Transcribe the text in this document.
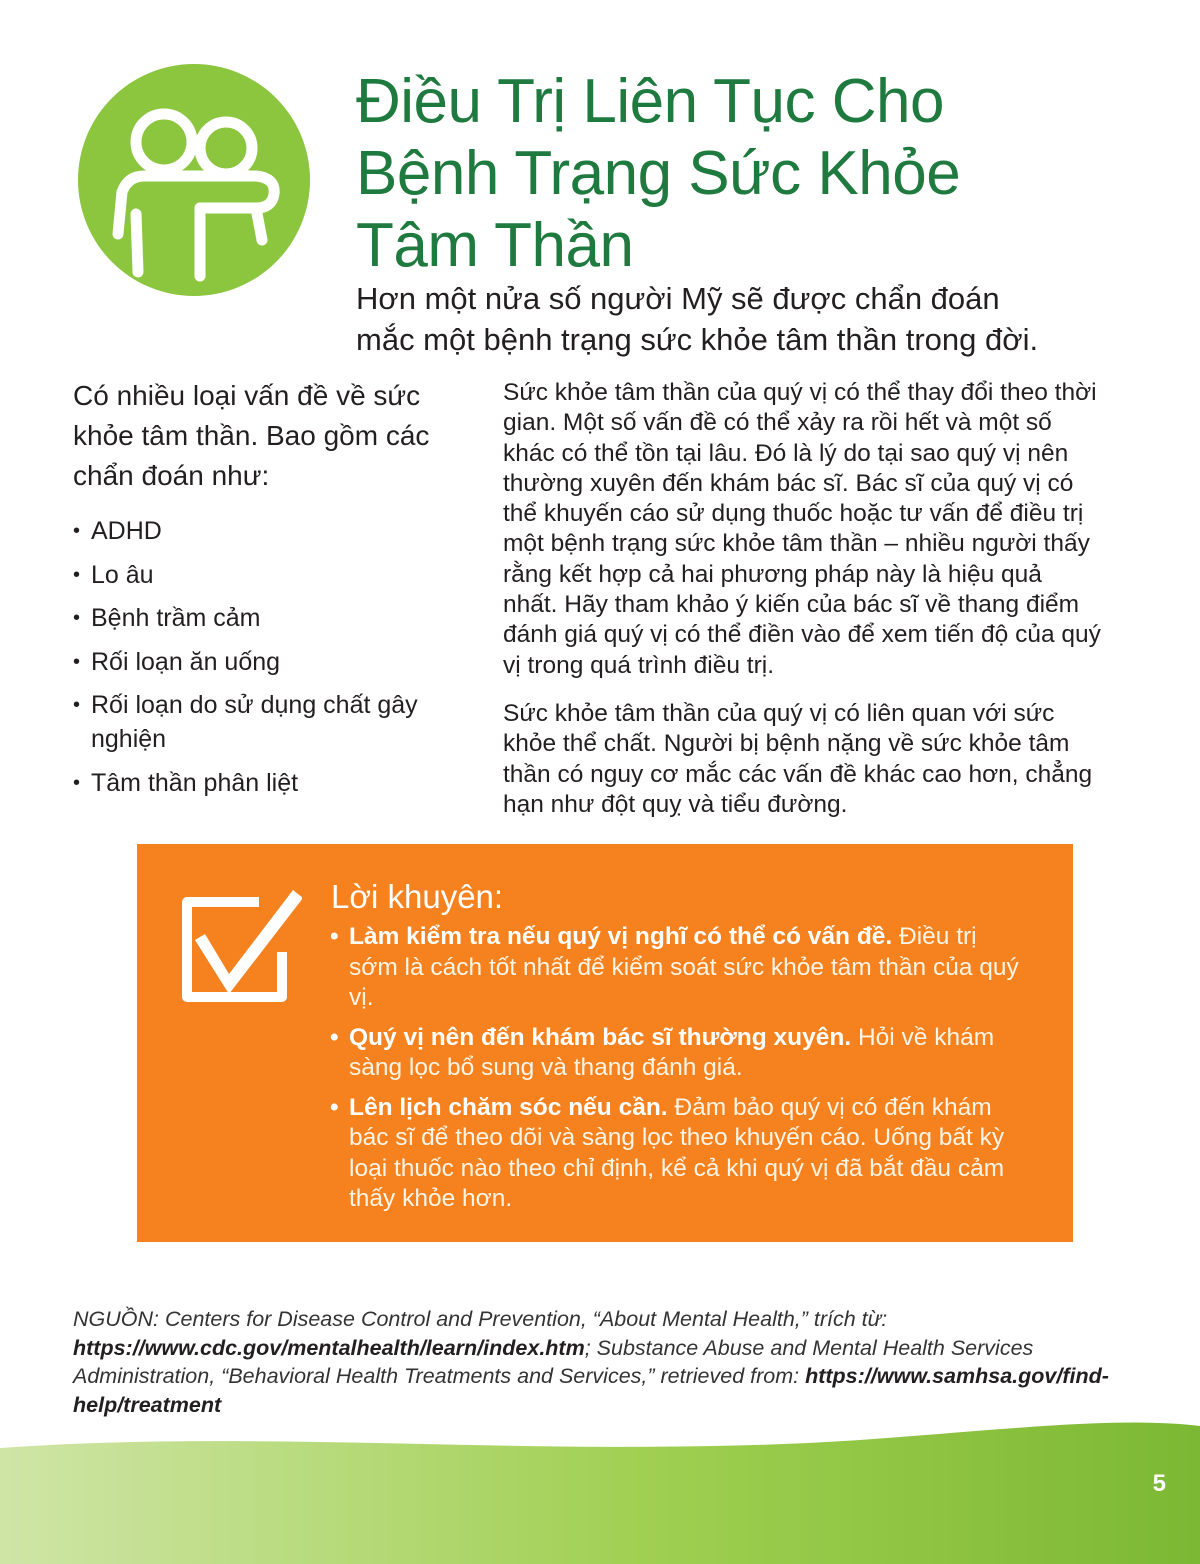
Điều Trị Liên Tục Cho
Bệnh Trạng Sức Khỏe
Tâm Thần

Hơn một nửa số người Mỹ sẽ được chẩn đoán
mắc một bệnh trạng sức khỏe tâm thần trong đời.

Có nhiều loại vấn đề về sức khỏe tâm thần. Bao gồm các chẩn đoán như:

• ADHD
• Lo âu
• Bệnh trầm cảm
• Rối loạn ăn uống
• Rối loạn do sử dụng chất gây nghiện
• Tâm thần phân liệt

Sức khỏe tâm thần của quý vị có thể thay đổi theo thời gian. Một số vấn đề có thể xảy ra rồi hết và một số khác có thể tồn tại lâu. Đó là lý do tại sao quý vị nên thường xuyên đến khám bác sĩ. Bác sĩ của quý vị có thể khuyến cáo sử dụng thuốc hoặc tư vấn để điều trị một bệnh trạng sức khỏe tâm thần – nhiều người thấy rằng kết hợp cả hai phương pháp này là hiệu quả nhất. Hãy tham khảo ý kiến của bác sĩ về thang điểm đánh giá quý vị có thể điền vào để xem tiến độ của quý vị trong quá trình điều trị.

Sức khỏe tâm thần của quý vị có liên quan với sức khỏe thể chất. Người bị bệnh nặng về sức khỏe tâm thần có nguy cơ mắc các vấn đề khác cao hơn, chẳng hạn như đột quỵ và tiểu đường.

Lời khuyên:
• Làm kiểm tra nếu quý vị nghĩ có thể có vấn đề. Điều trị sớm là cách tốt nhất để kiểm soát sức khỏe tâm thần của quý vị.
• Quý vị nên đến khám bác sĩ thường xuyên. Hỏi về khám sàng lọc bổ sung và thang đánh giá.
• Lên lịch chăm sóc nếu cần. Đảm bảo quý vị có đến khám bác sĩ để theo dõi và sàng lọc theo khuyến cáo. Uống bất kỳ loại thuốc nào theo chỉ định, kể cả khi quý vị đã bắt đầu cảm thấy khỏe hơn.

NGUỒN: Centers for Disease Control and Prevention, “About Mental Health,” trích từ: https://www.cdc.gov/mentalhealth/learn/index.htm; Substance Abuse and Mental Health Services Administration, “Behavioral Health Treatments and Services,” retrieved from: https://www.samhsa.gov/find-help/treatment

5
